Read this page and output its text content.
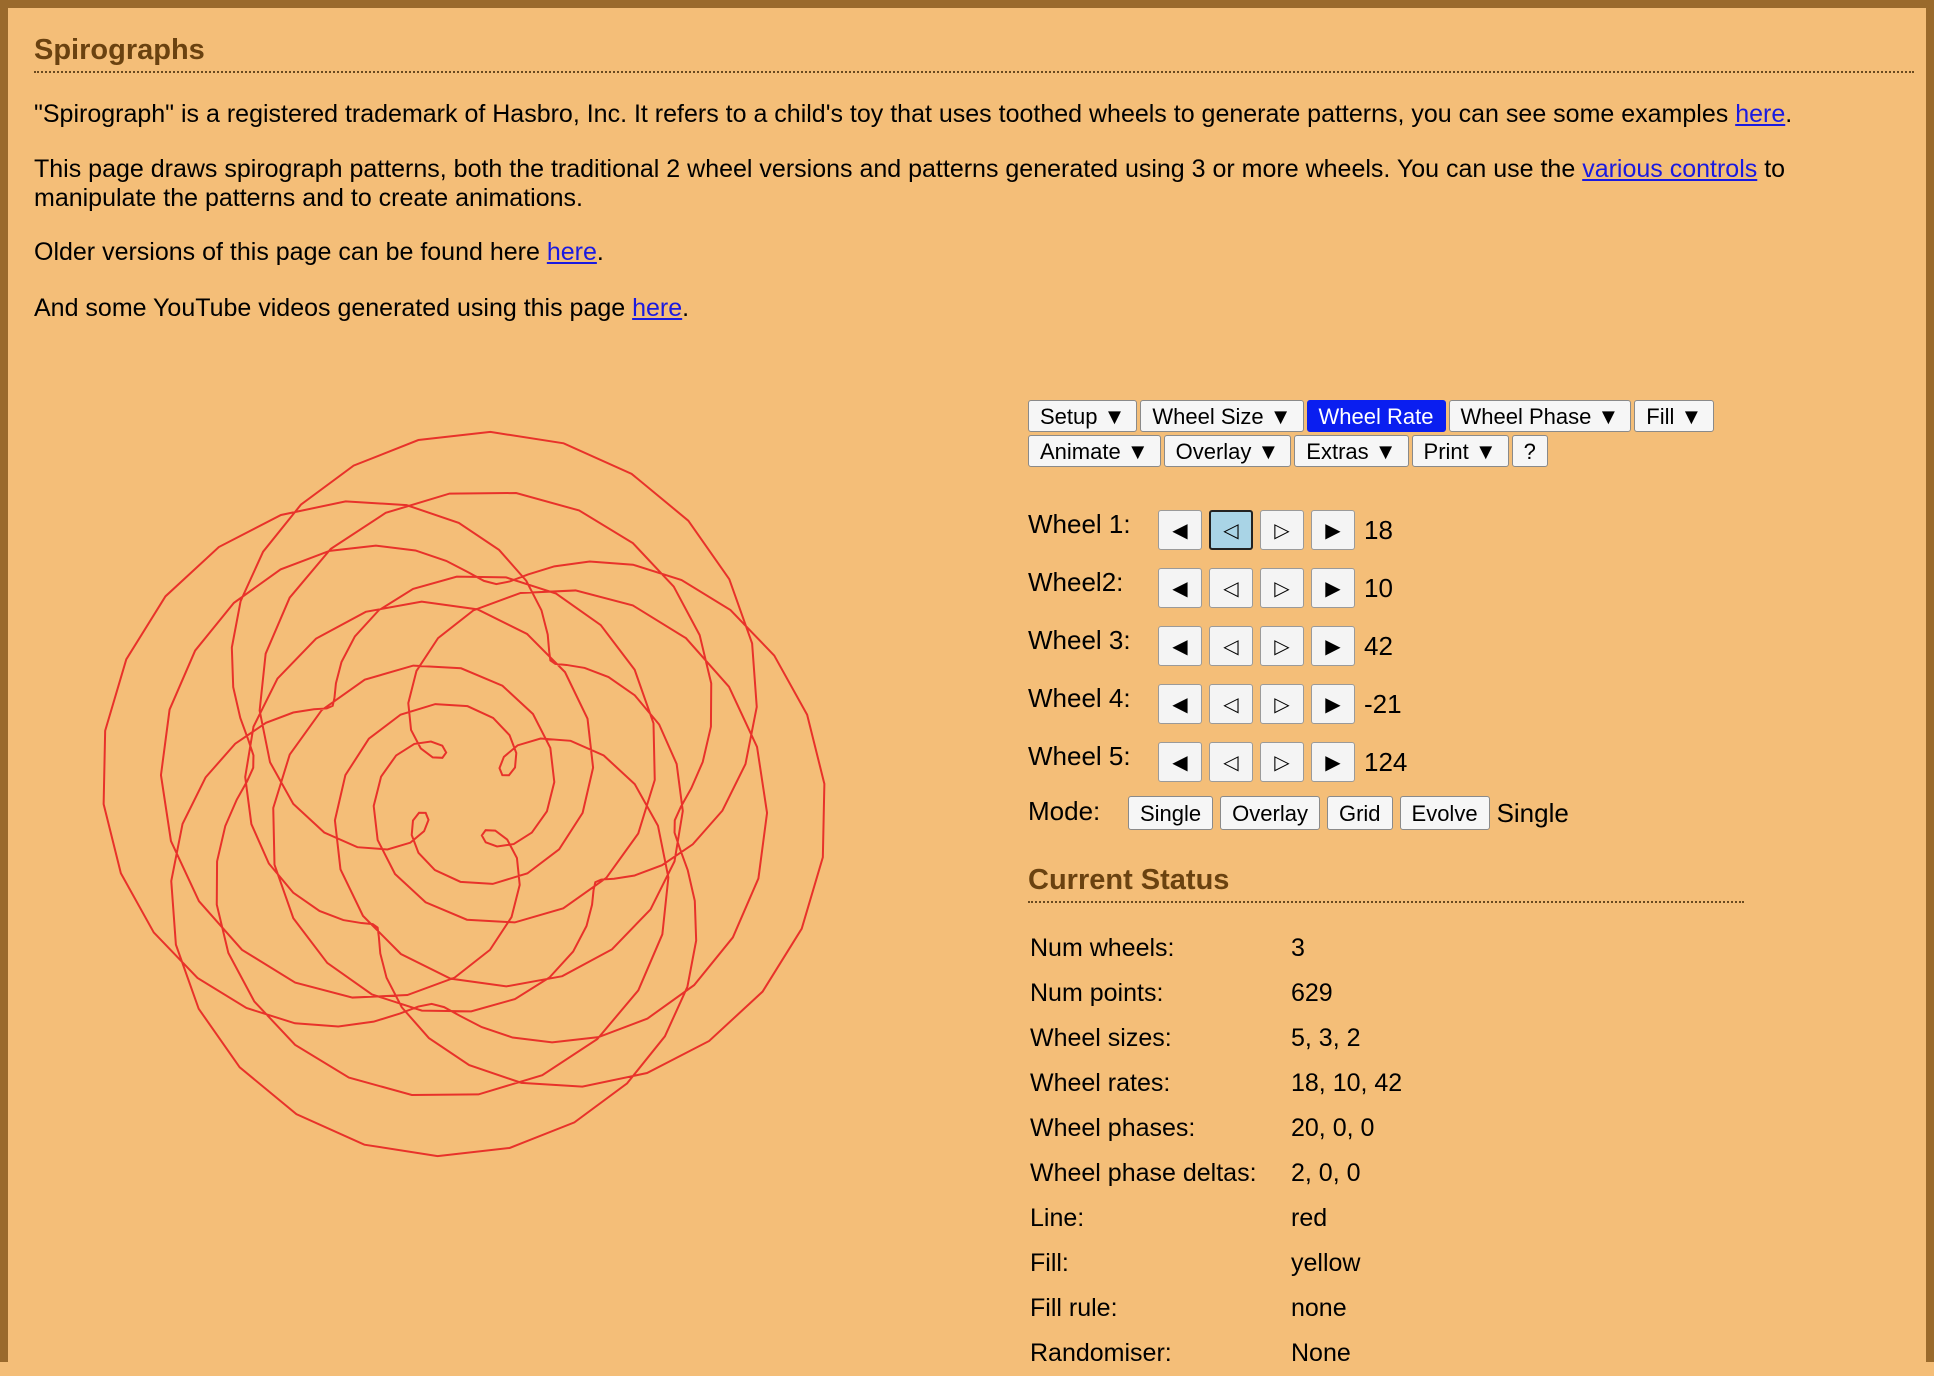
Spirographs

"Spirograph" is a registered trademark of Hasbro, Inc. It refers to a child's toy that uses toothed wheels to generate patterns, you can see some examples here.

This page draws spirograph patterns, both the traditional 2 wheel versions and patterns generated using 3 or more wheels. You can use the various controls to manipulate the patterns and to create animations.

Older versions of this page can be found here here.

And some YouTube videos generated using this page here.

Setup ▼	Wheel Size ▼	Wheel Rate	Wheel Phase ▼	Fill ▼
Animate ▼	Overlay ▼	Extras ▼	Print ▼	?
Wheel 1:	◀ ◁ ▷ ▶ 18
Wheel2:	◀ ◁ ▷ ▶ 10
Wheel 3:	◀ ◁ ▷ ▶ 42
Wheel 4:	◀ ◁ ▷ ▶ -21
Wheel 5:	◀ ◁ ▷ ▶ 124
Mode:	Single	Overlay	Grid	Evolve Single
Current Status
Num wheels:	3
Num points:	629
Wheel sizes:	5, 3, 2
Wheel rates:	18, 10, 42
Wheel phases:	20, 0, 0
Wheel phase deltas:	2, 0, 0
Line:	red
Fill:	yellow
Fill rule:	none
Randomiser:	None
